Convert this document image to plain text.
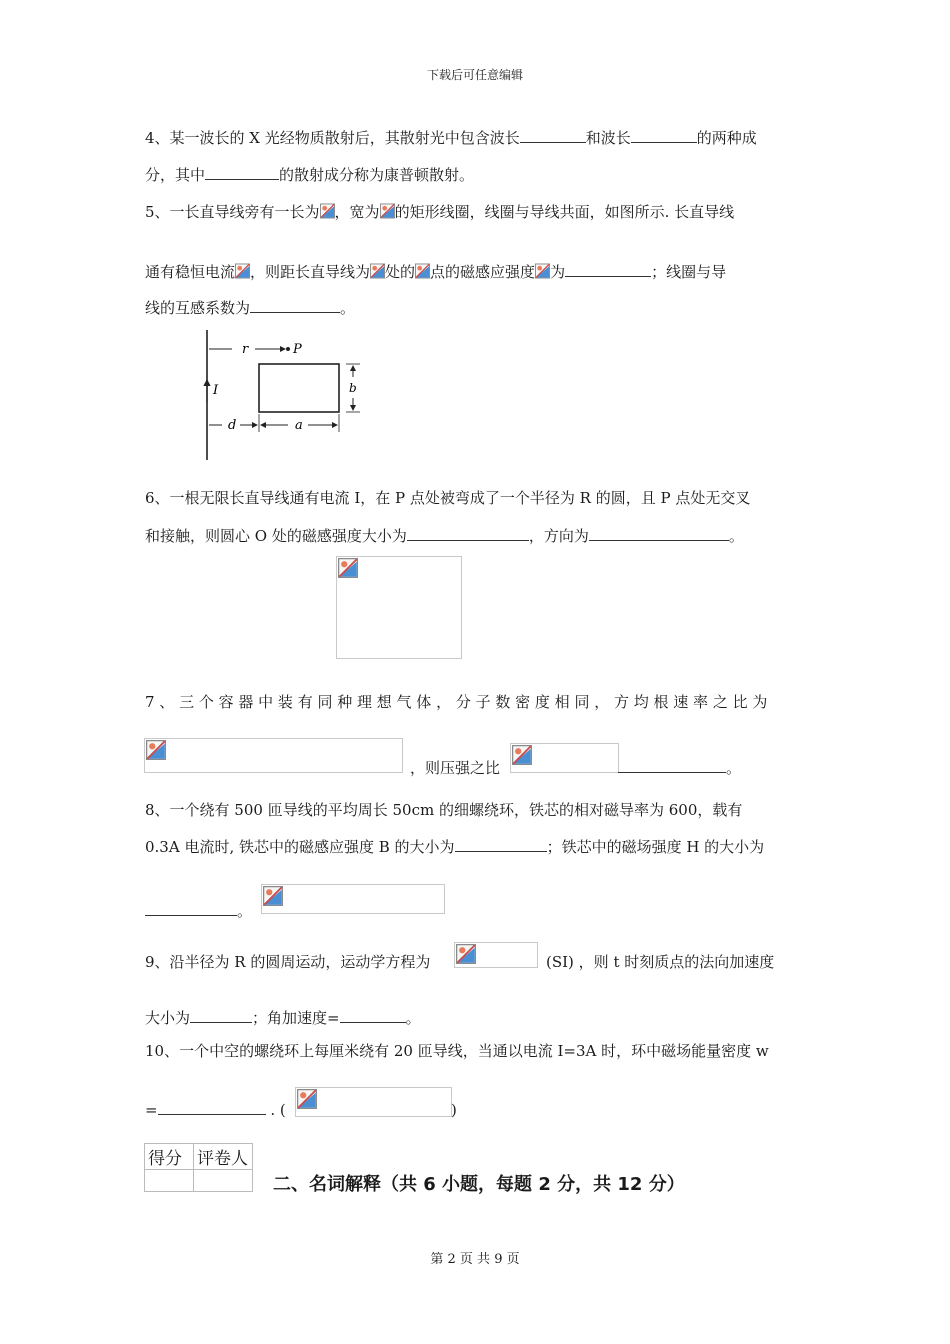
下载后可任意编辑
4、某一波长的 X 光经物质散射后，其散射光中包含波长	和波长	的两种成
分，其中	的散射成分称为康普顿散射。
5、一长直导线旁有一长为 ，宽为 的矩形线圈，线圈与导线共面，如图所示. 长直导线
通有稳恒电流 ，则距长直导线为 处的 点的磁感应强度 为	；线圈与导
线的互感系数为	。
I
r	P
b
d	a
6、一根无限长直导线通有电流 I，在 P 点处被弯成了一个半径为 R 的圆，且 P 点处无交叉
和接触，则圆心 O 处的磁感强度大小为	，方向为	。
7 、 三 个 容 器 中 装 有 同 种 理 想 气 体 ， 分 子 数 密 度 相 同 ， 方 均 根 速 率 之 比 为
，则压强之比	。
8、一个绕有 500 匝导线的平均周长 50cm 的细螺绕环，铁芯的相对磁导率为 600，载有
0.3A 电流时, 铁芯中的磁感应强度 B 的大小为	；铁芯中的磁场强度 H 的大小为
。
9、沿半径为 R 的圆周运动，运动学方程为	(SI) ，则 t 时刻质点的法向加速度
大小为	；角加速度=	。
10、一个中空的螺绕环上每厘米绕有 20 匝导线，当通以电流 I=3A 时，环中磁场能量密度 w
=	. (	)
得分	评卷人

二、名词解释（共 6 小题，每题 2 分，共 12 分）
第 2 页 共 9 页
